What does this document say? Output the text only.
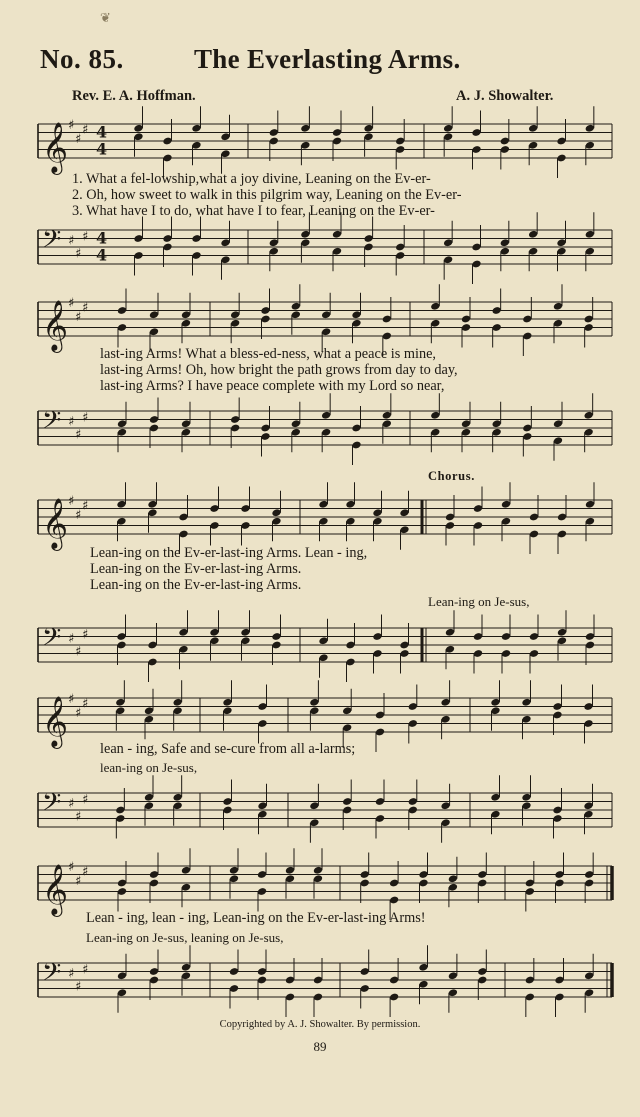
❦
No. 85.	The Everlasting Arms.
Rev. E. A. Hoffman.	A. J. Showalter.
𝄞 ♯
♯
♯ 4
4
1. What a fel-lowship,what a joy divine, Leaning on the Ev-er-
2. Oh, how sweet to walk in this pilgrim way, Leaning on the Ev-er-
3. What have I to do, what have I to fear, Leaning on the Ev-er-
𝄢 ♯
♯
♯ 4
4
𝄞 ♯
♯
♯
last-ing Arms! What a bless-ed-ness, what a peace is mine,
last-ing Arms! Oh, how bright the path grows from day to day,
last-ing Arms? I have peace complete with my Lord so near,
𝄢 ♯
♯
♯
Chorus.
𝄞 ♯
♯
♯
Lean-ing on the Ev-er-last-ing Arms. Lean - ing,
Lean-ing on the Ev-er-last-ing Arms.
Lean-ing on the Ev-er-last-ing Arms.
Lean-ing on Je-sus,
𝄢 ♯
♯
♯
𝄞 ♯
♯
♯
lean - ing, Safe and se-cure from all a-larms;
lean-ing on Je-sus,
𝄢 ♯
♯
♯
𝄞 ♯
♯
♯
Lean - ing, lean - ing, Lean-ing on the Ev-er-last-ing Arms!
Lean-ing on Je-sus, leaning on Je-sus,
𝄢 ♯
♯
♯
Copyrighted by A. J. Showalter. By permission.
89
